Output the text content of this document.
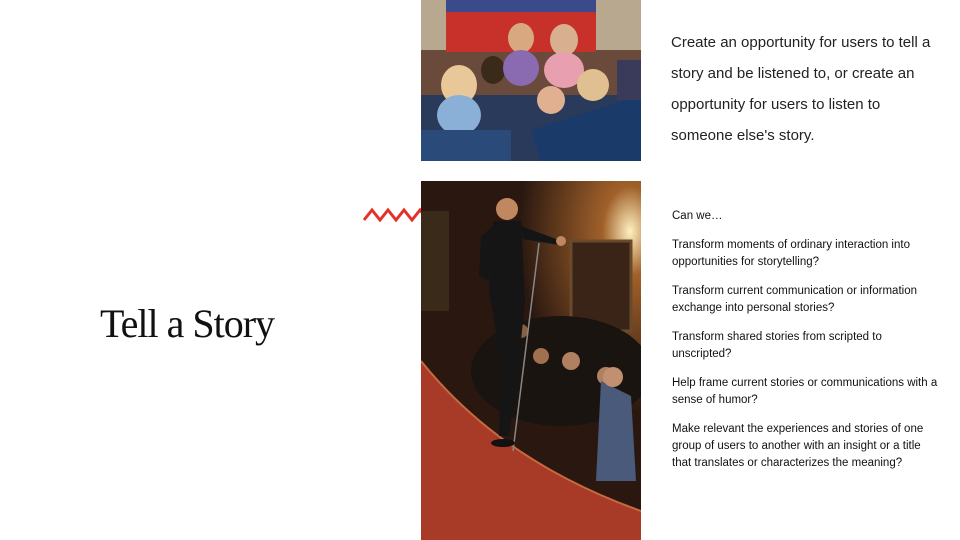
Tell a Story

Create an opportunity for users to tell a story and be listened to, or create an opportunity for users to listen to someone else's story.

Can we…

Transform moments of ordinary interaction into opportunities for storytelling?

Transform current communication or information exchange into personal stories?

Transform shared stories from scripted to unscripted?

Help frame current stories or communications with a sense of humor?

Make relevant the experiences and stories of one group of users to another with an insight or a title that translates or characterizes the meaning?
